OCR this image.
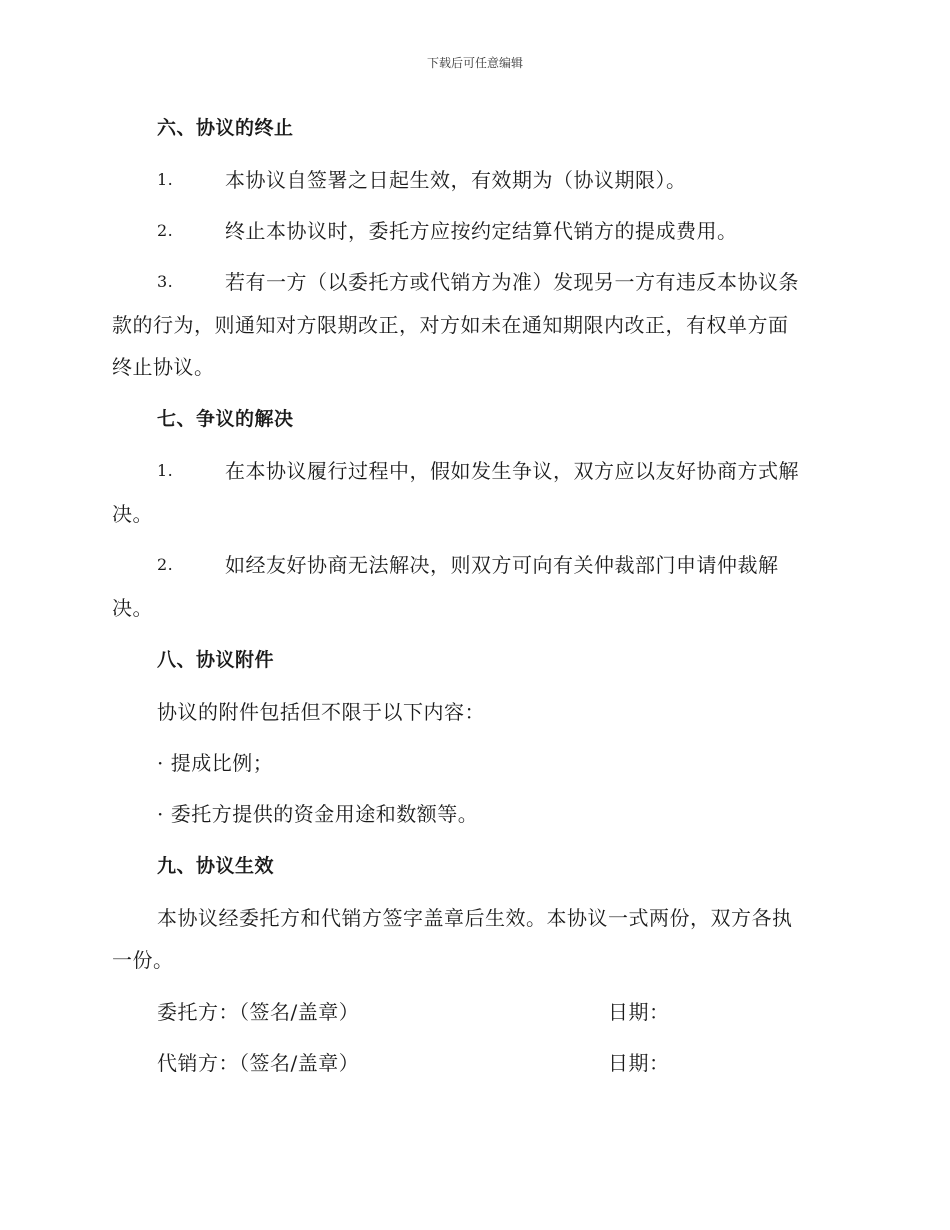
下载后可任意编辑
六、协议的终止
1.	本协议自签署之日起生效，有效期为（协议期限）。
2.	终止本协议时，委托方应按约定结算代销方的提成费用。
3.	若有一方（以委托方或代销方为准）发现另一方有违反本协议条
款的行为，则通知对方限期改正，对方如未在通知期限内改正，有权单方面
终止协议。
七、争议的解决
1.	在本协议履行过程中，假如发生争议，双方应以友好协商方式解
决。
2.	如经友好协商无法解决，则双方可向有关仲裁部门申请仲裁解
决。
八、协议附件
协议的附件包括但不限于以下内容：
· 提成比例；
· 委托方提供的资金用途和数额等。
九、协议生效
本协议经委托方和代销方签字盖章后生效。本协议一式两份，双方各执
一份。
委托方：（签名/盖章）	日期：
代销方：（签名/盖章）	日期：
